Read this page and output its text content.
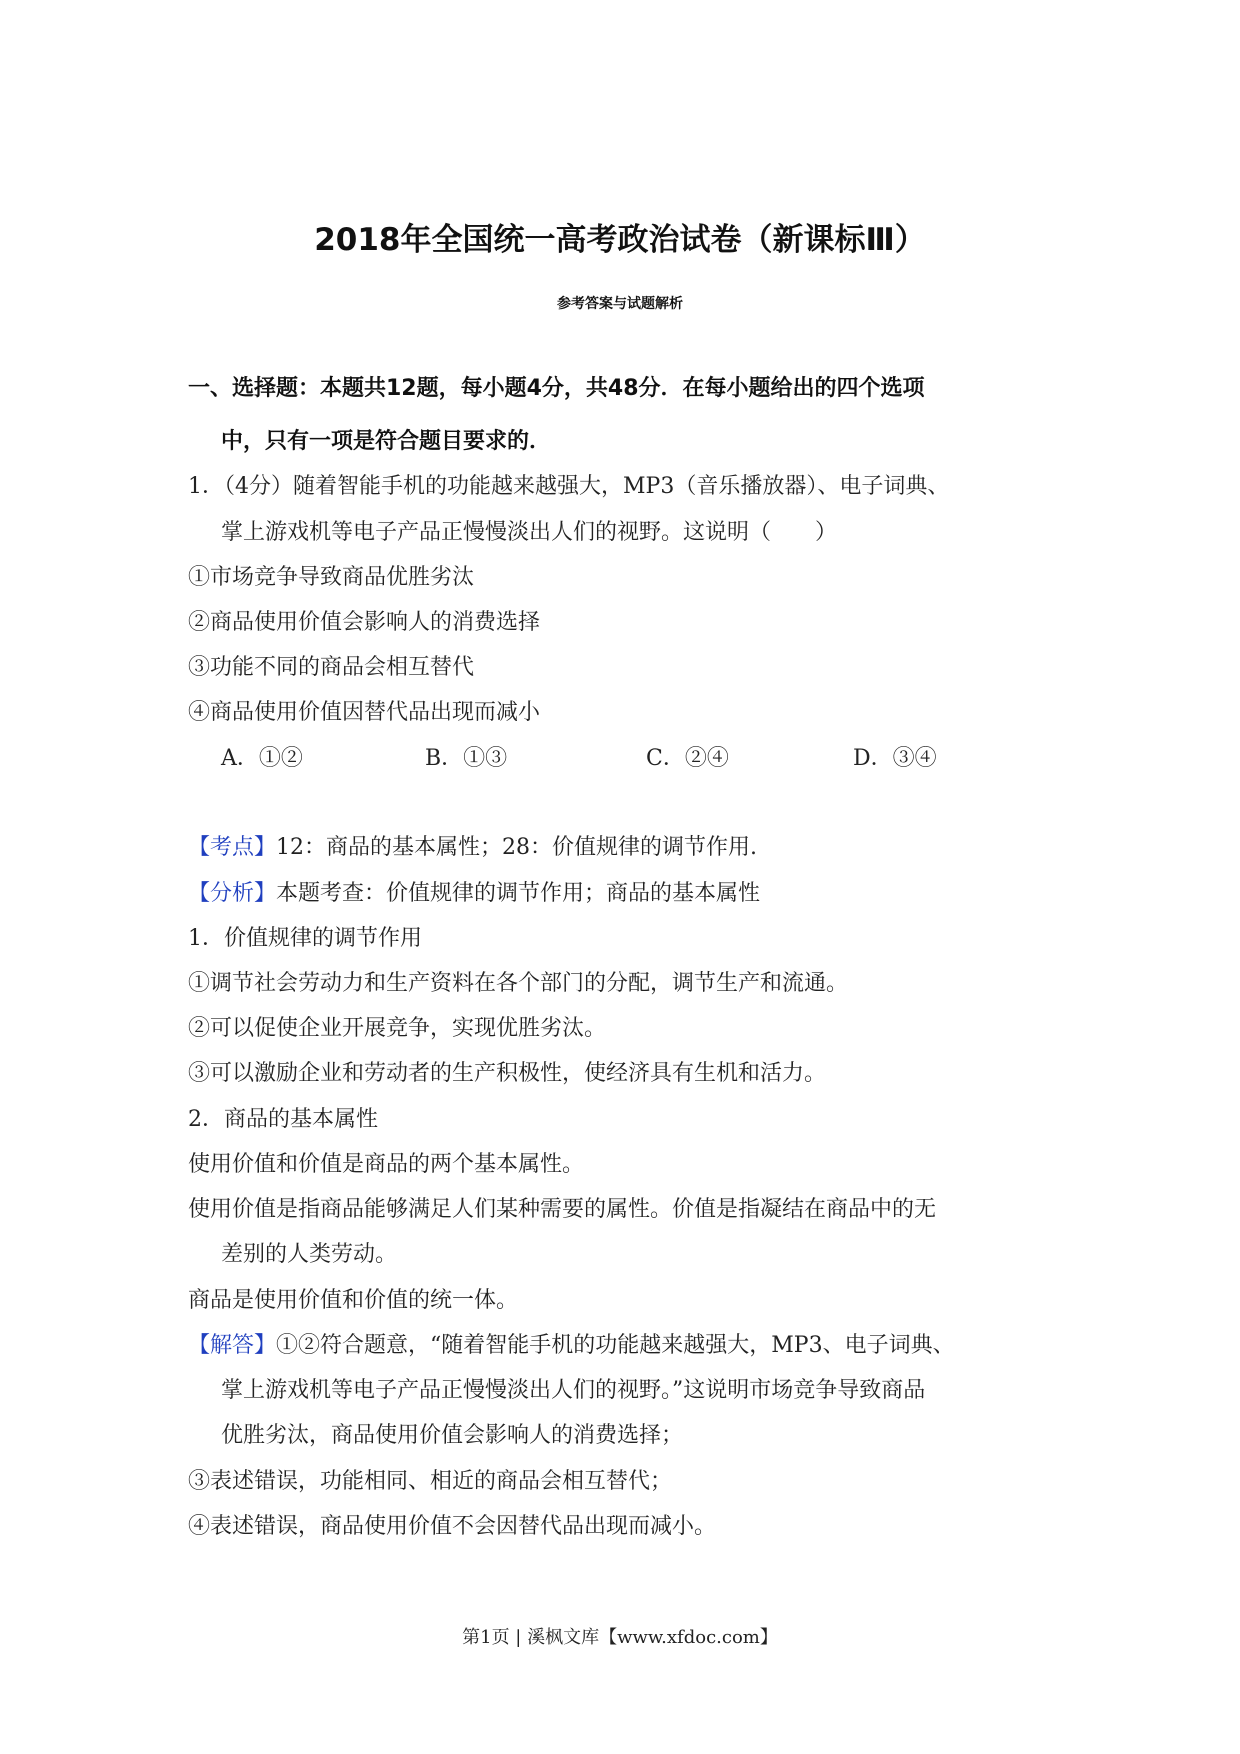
2018年全国统一高考政治试卷（新课标Ⅲ）
参考答案与试题解析
一、选择题：本题共12题，每小题4分，共48分．在每小题给出的四个选项
中，只有一项是符合题目要求的．
1．（4分）随着智能手机的功能越来越强大，MP3（音乐播放器）、电子词典、
掌上游戏机等电子产品正慢慢淡出人们的视野。这说明（　　）
①市场竞争导致商品优胜劣汰
②商品使用价值会影响人的消费选择
③功能不同的商品会相互替代
④商品使用价值因替代品出现而减小
A．①②	B．①③	C．②④	D．③④
【考点】12：商品的基本属性；28：价值规律的调节作用.
【分析】本题考查：价值规律的调节作用；商品的基本属性
1．价值规律的调节作用
①调节社会劳动力和生产资料在各个部门的分配，调节生产和流通。
②可以促使企业开展竞争，实现优胜劣汰。
③可以激励企业和劳动者的生产积极性，使经济具有生机和活力。
2．商品的基本属性
使用价值和价值是商品的两个基本属性。
使用价值是指商品能够满足人们某种需要的属性。价值是指凝结在商品中的无
差别的人类劳动。
商品是使用价值和价值的统一体。
【解答】①②符合题意，“随着智能手机的功能越来越强大，MP3、电子词典、
掌上游戏机等电子产品正慢慢淡出人们的视野。”这说明市场竞争导致商品
优胜劣汰，商品使用价值会影响人的消费选择；
③表述错误，功能相同、相近的商品会相互替代；
④表述错误，商品使用价值不会因替代品出现而减小。
第1页 | 溪枫文库【www.xfdoc.com】
